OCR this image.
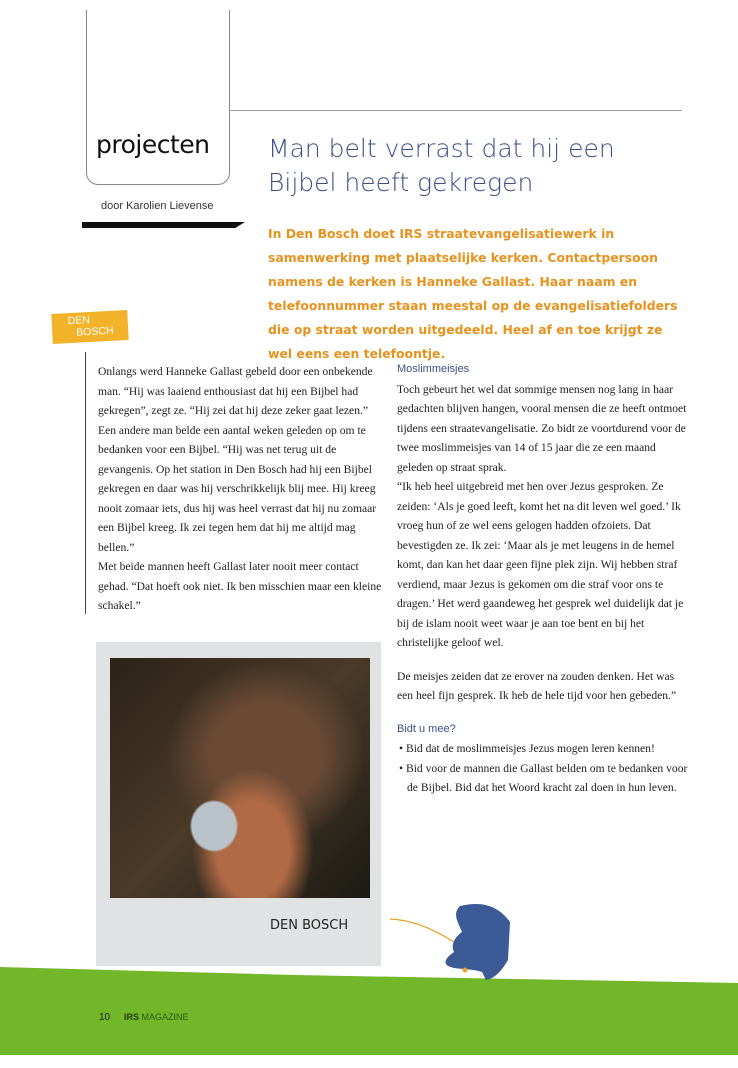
projecten
door Karolien Lievense
Man belt verrast dat hij een
Bijbel heeft gekregen
In Den Bosch doet IRS straatevangelisatiewerk in samenwerking met plaatselijke kerken. Contactpersoon namens de kerken is Hanneke Gallast. Haar naam en telefoonnummer staan meestal op de evangelisatiefolders die op straat worden uitgedeeld. Heel af en toe krijgt ze wel eens een telefoontje.
DEN
BOSCH

Onlangs werd Hanneke Gallast gebeld door een onbekende man. “Hij was laaiend enthousiast dat hij een Bijbel had gekregen”, zegt ze. “Hij zei dat hij deze zeker gaat lezen.”

Een andere man belde een aantal weken geleden op om te bedanken voor een Bijbel. “Hij was net terug uit de gevangenis. Op het station in Den Bosch had hij een Bijbel gekregen en daar was hij verschrikkelijk blij mee. Hij kreeg nooit zomaar iets, dus hij was heel verrast dat hij nu zomaar een Bijbel kreeg. Ik zei tegen hem dat hij me altijd mag bellen.”

Met beide mannen heeft Gallast later nooit meer contact gehad. “Dat hoeft ook niet. Ik ben misschien maar een kleine schakel.”

Moslimmeisjes

Toch gebeurt het wel dat sommige mensen nog lang in haar gedachten blijven hangen, vooral mensen die ze heeft ontmoet tijdens een straatevangelisatie. Zo bidt ze voortdurend voor de twee moslimmeisjes van 14 of 15 jaar die ze een maand geleden op straat sprak.

“Ik heb heel uitgebreid met hen over Jezus gesproken. Ze zeiden: ‘Als je goed leeft, komt het na dit leven wel goed.’ Ik vroeg hun of ze wel eens gelogen hadden ofzoiets. Dat bevestigden ze. Ik zei: ‘Maar als je met leugens in de hemel komt, dan kan het daar geen fijne plek zijn. Wij hebben straf verdiend, maar Jezus is gekomen om die straf voor ons te dragen.’ Het werd gaandeweg het gesprek wel duidelijk dat je bij de islam nooit weet waar je aan toe bent en bij het christelijke geloof wel.

De meisjes zeiden dat ze erover na zouden denken. Het was een heel fijn gesprek. Ik heb de hele tijd voor hen gebeden.”

Bidt u mee?
• Bid dat de moslimmeisjes Jezus mogen leren kennen!
• Bid voor de mannen die Gallast belden om te bedanken voor de Bijbel. Bid dat het Woord kracht zal doen in hun leven.
DEN BOSCH
10 IRS MAGAZINE
